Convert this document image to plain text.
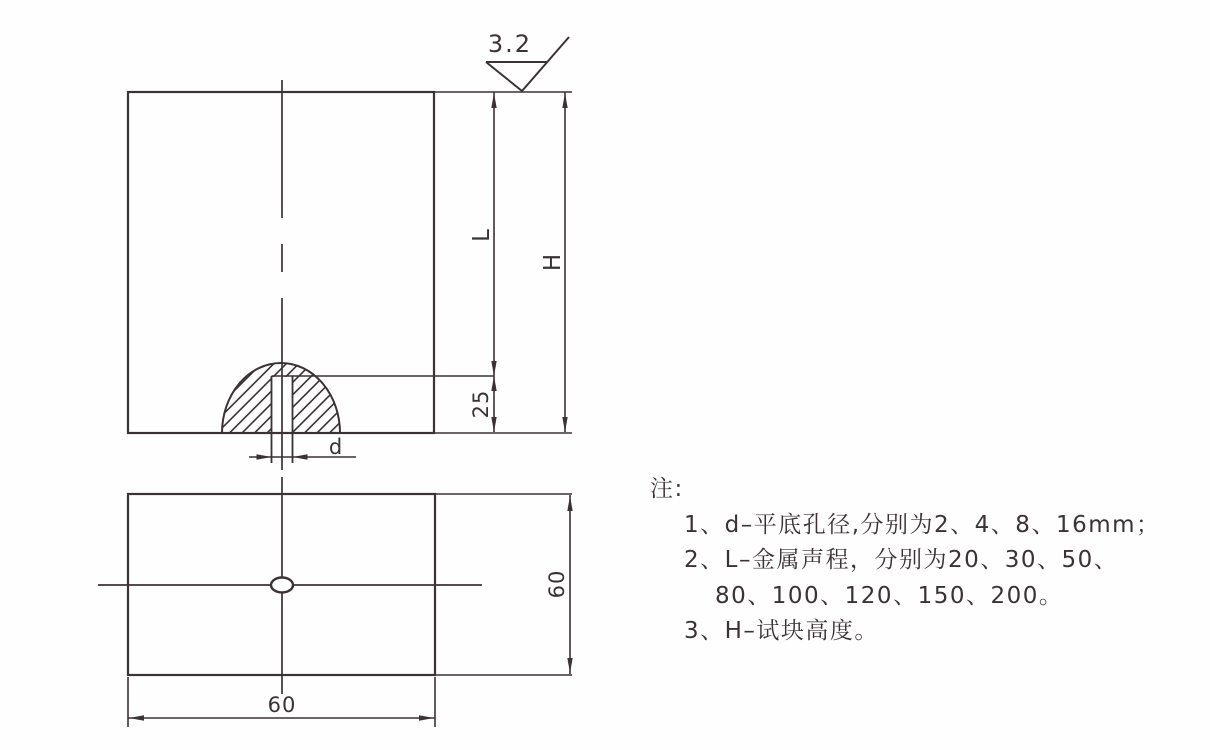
L
25
H
d
3.2
60
60
注:
1、d–平底孔径,分别为2、4、8、16mm；
2、L–金属声程，分别为20、30、50、
80、100、120、150、200。
3、H–试块高度。
